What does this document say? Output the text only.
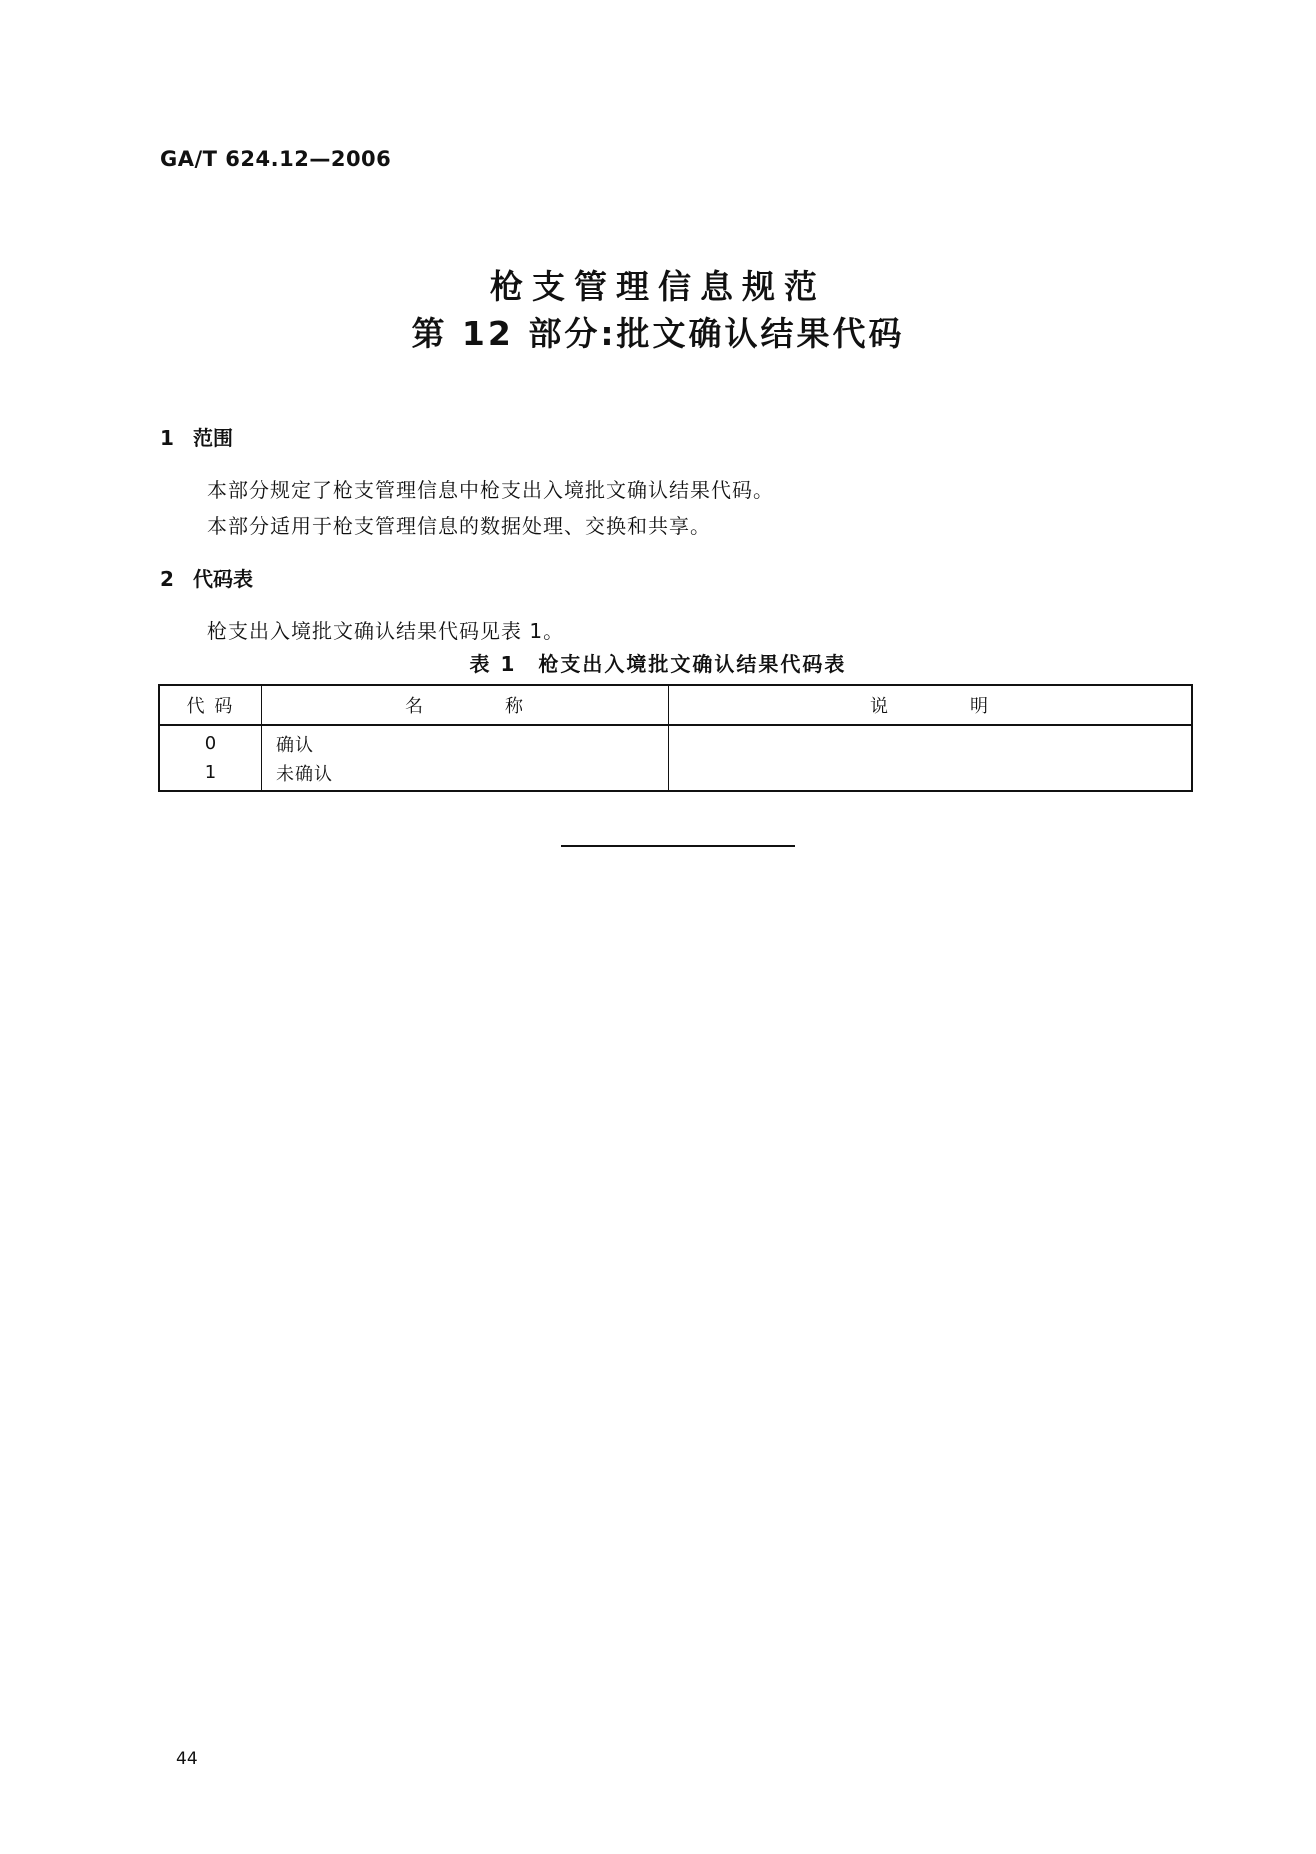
GA/T 624.12—2006
枪支管理信息规范
第 12 部分:批文确认结果代码
1 范围
本部分规定了枪支管理信息中枪支出入境批文确认结果代码。
本部分适用于枪支管理信息的数据处理、交换和共享。
2 代码表
枪支出入境批文确认结果代码见表 1。
表 1 枪支出入境批文确认结果代码表
代 码	名　　　　称	说　　　　明
0	确认	
1	未确认	
44
